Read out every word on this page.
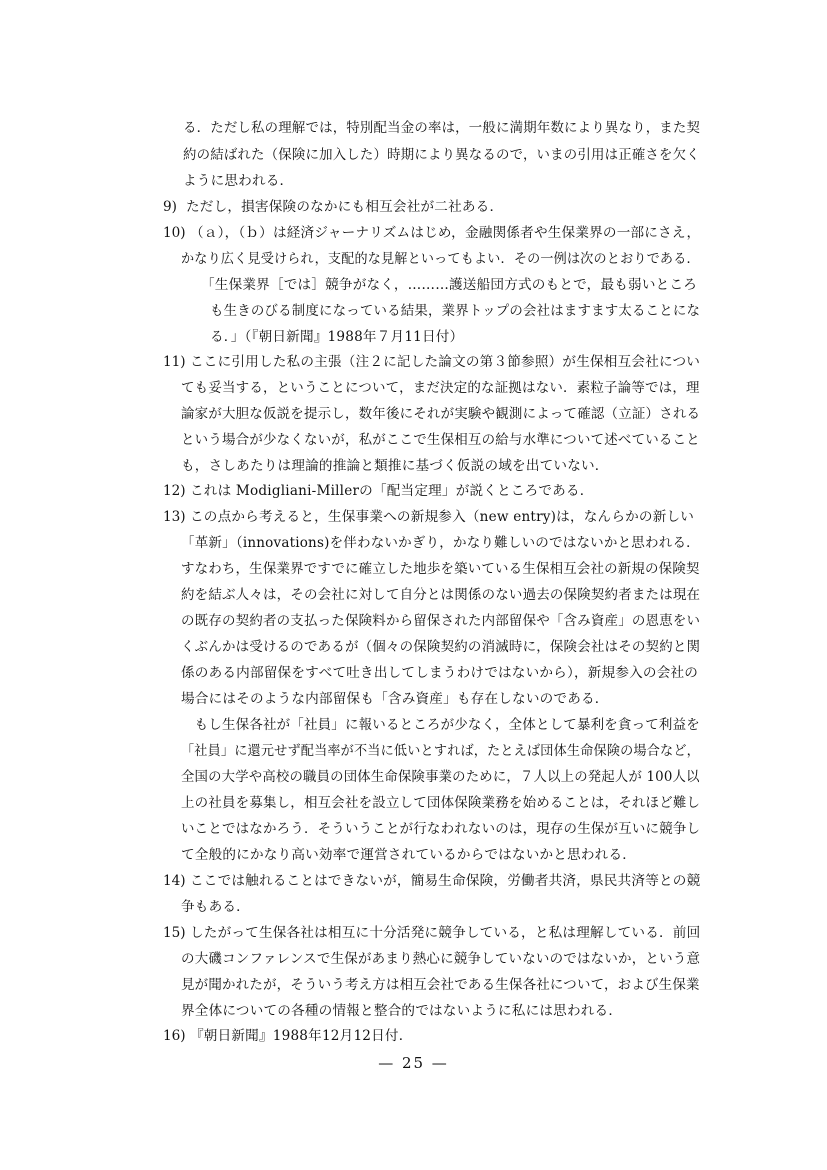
る．ただし私の理解では，特別配当金の率は，一般に満期年数により異なり，また契
約の結ばれた（保険に加入した）時期により異なるので，いまの引用は正確さを欠く
ように思われる．
9) ただし，損害保険のなかにも相互会社が二社ある．
10) （ａ），（ｂ）は経済ジャーナリズムはじめ，金融関係者や生保業界の一部にさえ，
かなり広く見受けられ，支配的な見解といってもよい．その一例は次のとおりである．
「生保業界［では］競争がなく，………護送船団方式のもとで，最も弱いところ
も生きのびる制度になっている結果，業界トップの会社はますます太ることにな
る．」（『朝日新聞』1988年７月11日付）
11) ここに引用した私の主張（注２に記した論文の第３節参照）が生保相互会社につい
ても妥当する，ということについて，まだ決定的な証拠はない．素粒子論等では，理
論家が大胆な仮説を提示し，数年後にそれが実験や観測によって確認（立証）される
という場合が少なくないが，私がここで生保相互の給与水準について述べていること
も，さしあたりは理論的推論と類推に基づく仮説の域を出ていない．
12) これは Modigliani-Millerの「配当定理」が説くところである．
13) この点から考えると，生保事業への新規参入（new entry)は，なんらかの新しい
「革新」（innovations)を伴わないかぎり，かなり難しいのではないかと思われる．
すなわち，生保業界ですでに確立した地歩を築いている生保相互会社の新規の保険契
約を結ぶ人々は，その会社に対して自分とは関係のない過去の保険契約者または現在
の既存の契約者の支払った保険料から留保された内部留保や「含み資産」の恩恵をい
くぶんかは受けるのであるが（個々の保険契約の消滅時に，保険会社はその契約と関
係のある内部留保をすべて吐き出してしまうわけではないから），新規参入の会社の
場合にはそのような内部留保も「含み資産」も存在しないのである．
　もし生保各社が「社員」に報いるところが少なく，全体として暴利を貪って利益を
「社員」に還元せず配当率が不当に低いとすれば，たとえば団体生命保険の場合など，
全国の大学や高校の職員の団体生命保険事業のために，７人以上の発起人が 100人以
上の社員を募集し，相互会社を設立して団体保険業務を始めることは，それほど難し
いことではなかろう．そういうことが行なわれないのは，現存の生保が互いに競争し
て全般的にかなり高い効率で運営されているからではないかと思われる．
14) ここでは触れることはできないが，簡易生命保険，労働者共済，県民共済等との競
争もある．
15) したがって生保各社は相互に十分活発に競争している，と私は理解している．前回
の大磯コンファレンスで生保があまり熱心に競争していないのではないか，という意
見が聞かれたが，そういう考え方は相互会社である生保各社について，および生保業
界全体についての各種の情報と整合的ではないように私には思われる．
16) 『朝日新聞』1988年12月12日付．
— 25 —
